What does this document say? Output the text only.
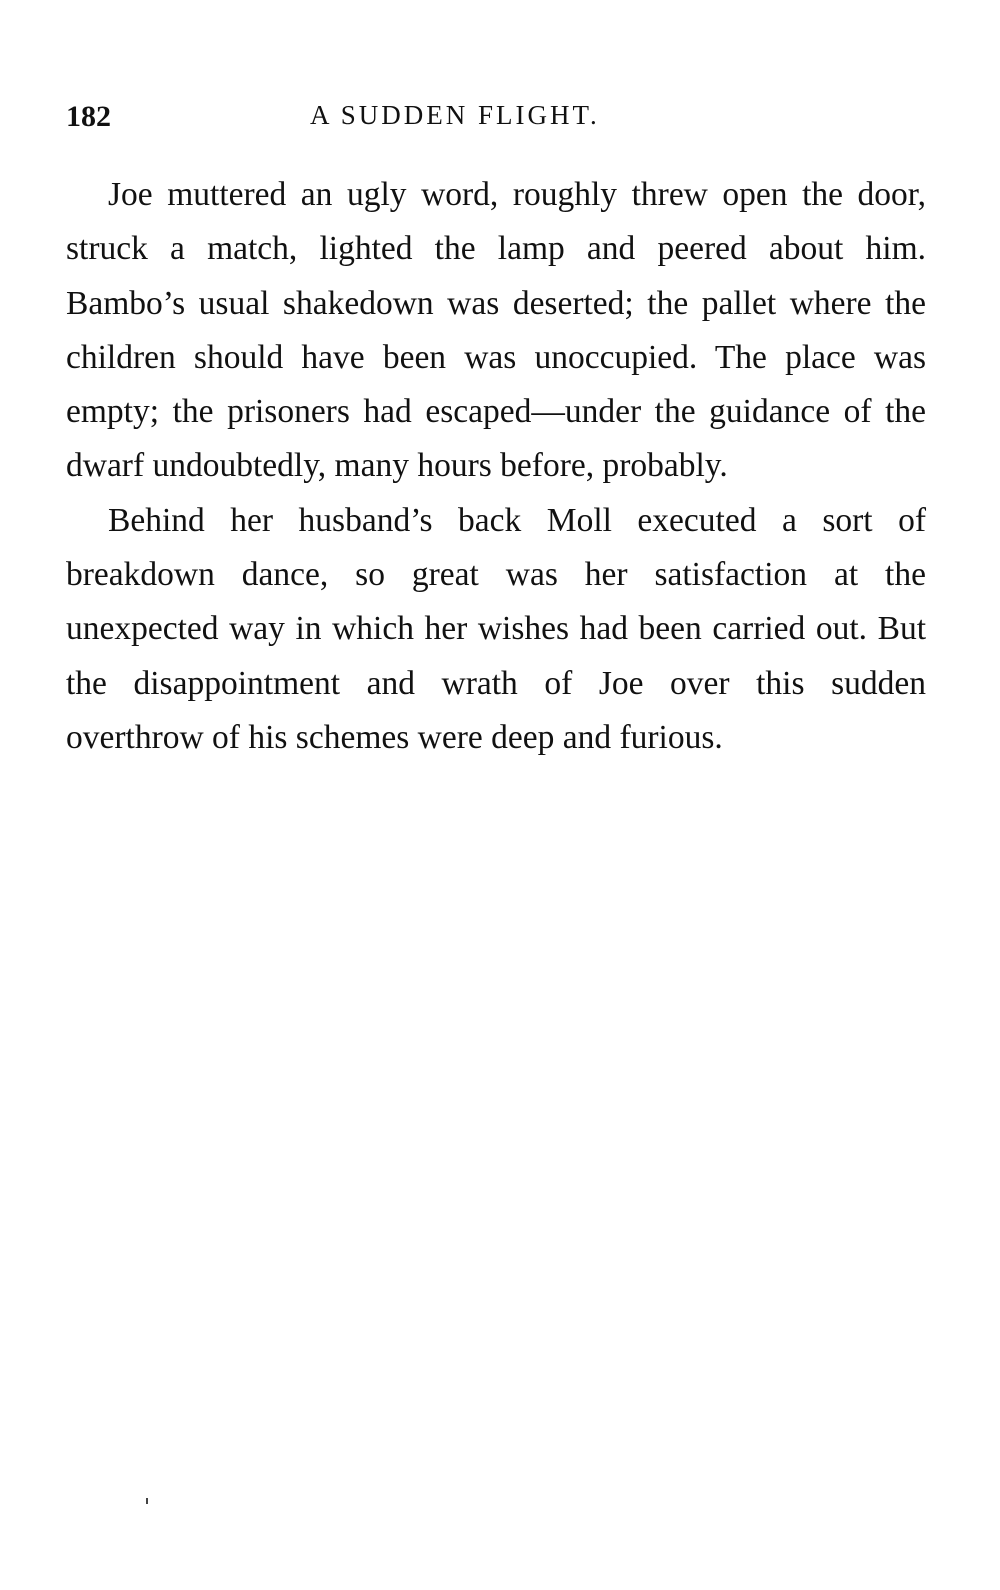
182	A SUDDEN FLIGHT.

Joe muttered an ugly word, roughly threw open the door, struck a match, lighted the lamp and peered about him. Bambo’s usual shakedown was deserted; the pallet where the children should have been was unoccupied. The place was empty; the prisoners had escaped—under the guidance of the dwarf undoubtedly, many hours before, probably.

Behind her husband’s back Moll executed a sort of breakdown dance, so great was her satisfaction at the unexpected way in which her wishes had been carried out. But the disappointment and wrath of Joe over this sudden overthrow of his schemes were deep and furious.
